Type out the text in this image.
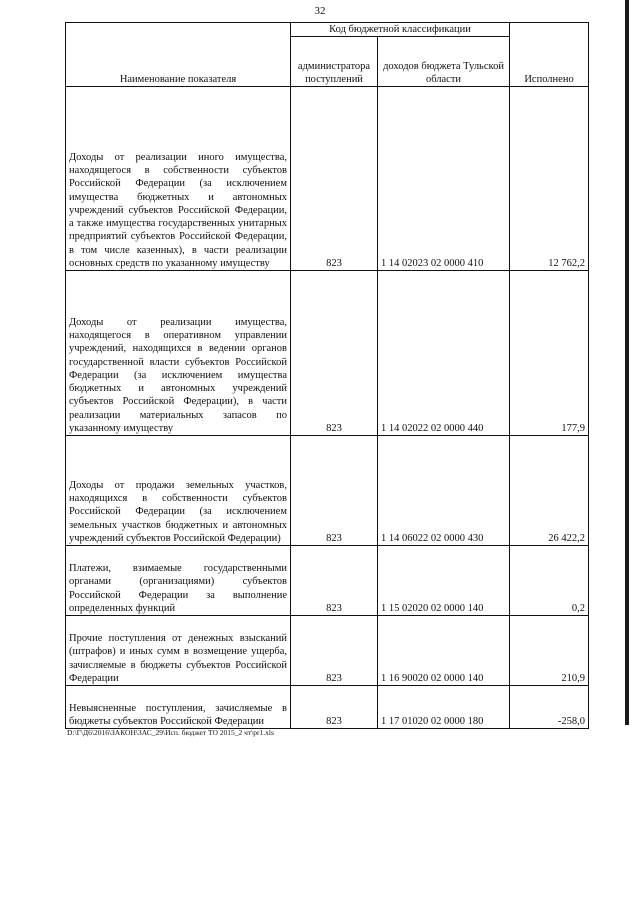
32
Наименование показателя	Код бюджетной классификации		Исполнено
	администратора поступлений	доходов бюджета Тульской области	
Доходы от реализации иного имущества, находящегося в собственности субъектов Российской Федерации (за исключением имущества бюджетных и автономных учреждений субъектов Российской Федерации, а также имущества государственных унитарных предприятий субъектов Российской Федерации, в том числе казенных), в части реализации основных средств по указанному имуществу	823	1 14 02023 02 0000 410	12 762,2
Доходы от реализации имущества, находящегося в оперативном управлении учреждений, находящихся в ведении органов государственной власти субъектов Российской Федерации (за исключением имущества бюджетных и автономных учреждений субъектов Российской Федерации), в части реализации материальных запасов по указанному имуществу	823	1 14 02022 02 0000 440	177,9
Доходы от продажи земельных участков, находящихся в собственности субъектов Российской Федерации (за исключением земельных участков бюджетных и автономных учреждений субъектов Российской Федерации)	823	1 14 06022 02 0000 430	26 422,2
Платежи, взимаемые государственными органами (организациями) субъектов Российской Федерации за выполнение определенных функций	823	1 15 02020 02 0000 140	0,2
Прочие поступления от денежных взысканий (штрафов) и иных сумм в возмещение ущерба, зачисляемые в бюджеты субъектов Российской Федерации	823	1 16 90020 02 0000 140	210,9
Невыясненные поступления, зачисляемые в бюджеты субъектов Российской Федерации	823	1 17 01020 02 0000 180	-258,0
D:\Г\Д6\2016\ЗАКОН\ЗАС_29\Исп. бюджет ТО 2015_2 чт\pr1.xls
